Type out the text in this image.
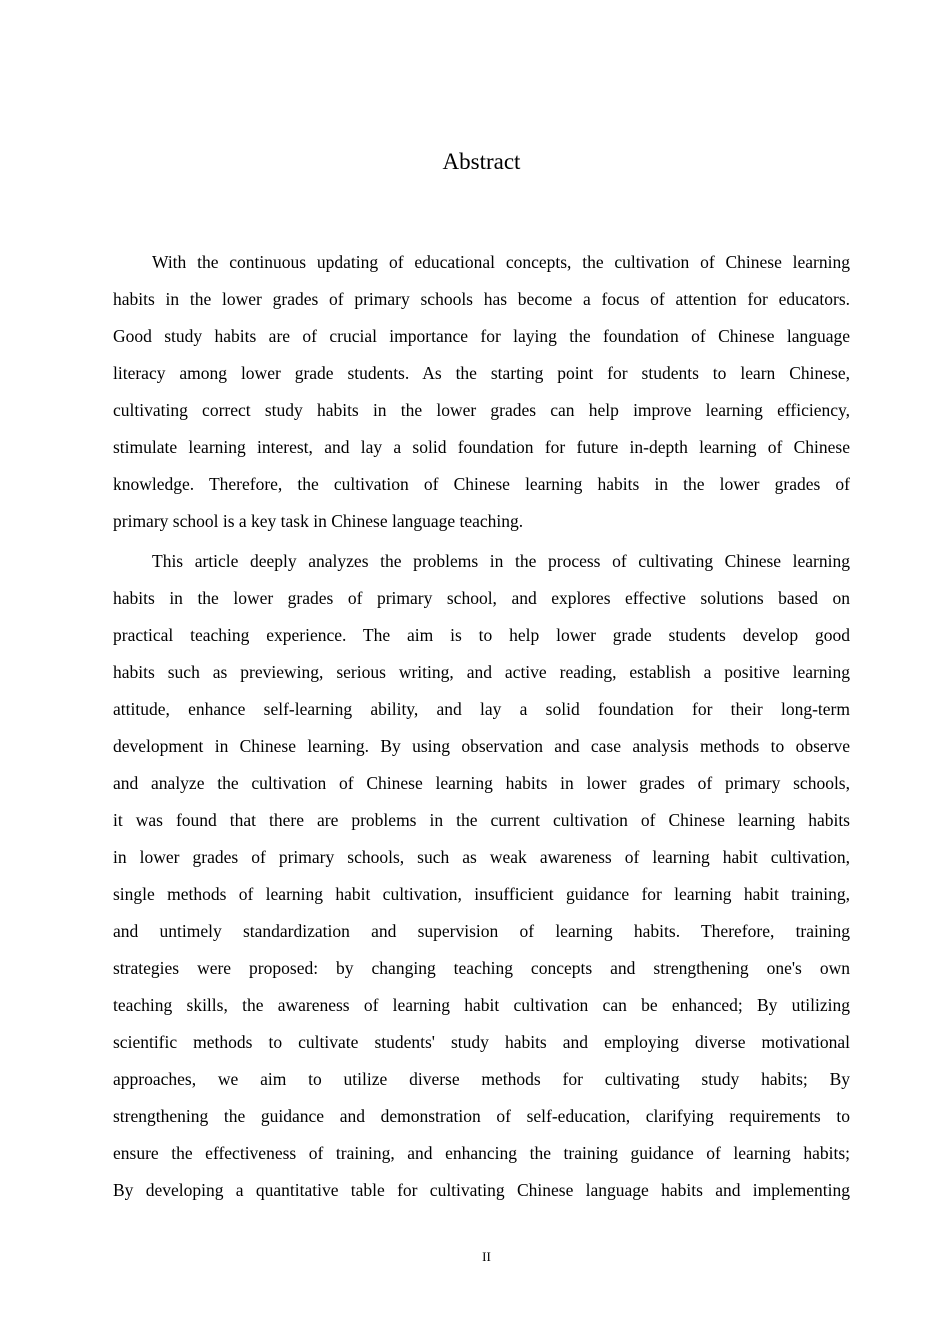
Abstract
With the continuous updating of educational concepts, the cultivation of Chinese learning
habits in the lower grades of primary schools has become a focus of attention for educators.
Good study habits are of crucial importance for laying the foundation of Chinese language
literacy among lower grade students. As the starting point for students to learn Chinese,
cultivating correct study habits in the lower grades can help improve learning efficiency,
stimulate learning interest, and lay a solid foundation for future in-depth learning of Chinese
knowledge. Therefore, the cultivation of Chinese learning habits in the lower grades of
primary school is a key task in Chinese language teaching.
This article deeply analyzes the problems in the process of cultivating Chinese learning
habits in the lower grades of primary school, and explores effective solutions based on
practical teaching experience. The aim is to help lower grade students develop good
habits such as previewing, serious writing, and active reading, establish a positive learning
attitude, enhance self-learning ability, and lay a solid foundation for their long-term
development in Chinese learning. By using observation and case analysis methods to observe
and analyze the cultivation of Chinese learning habits in lower grades of primary schools,
it was found that there are problems in the current cultivation of Chinese learning habits
in lower grades of primary schools, such as weak awareness of learning habit cultivation,
single methods of learning habit cultivation, insufficient guidance for learning habit training,
and untimely standardization and supervision of learning habits. Therefore, training
strategies were proposed: by changing teaching concepts and strengthening one's own
teaching skills, the awareness of learning habit cultivation can be enhanced; By utilizing
scientific methods to cultivate students' study habits and employing diverse motivational
approaches, we aim to utilize diverse methods for cultivating study habits; By
strengthening the guidance and demonstration of self-education, clarifying requirements to
ensure the effectiveness of training, and enhancing the training guidance of learning habits;
By developing a quantitative table for cultivating Chinese language habits and implementing
II
